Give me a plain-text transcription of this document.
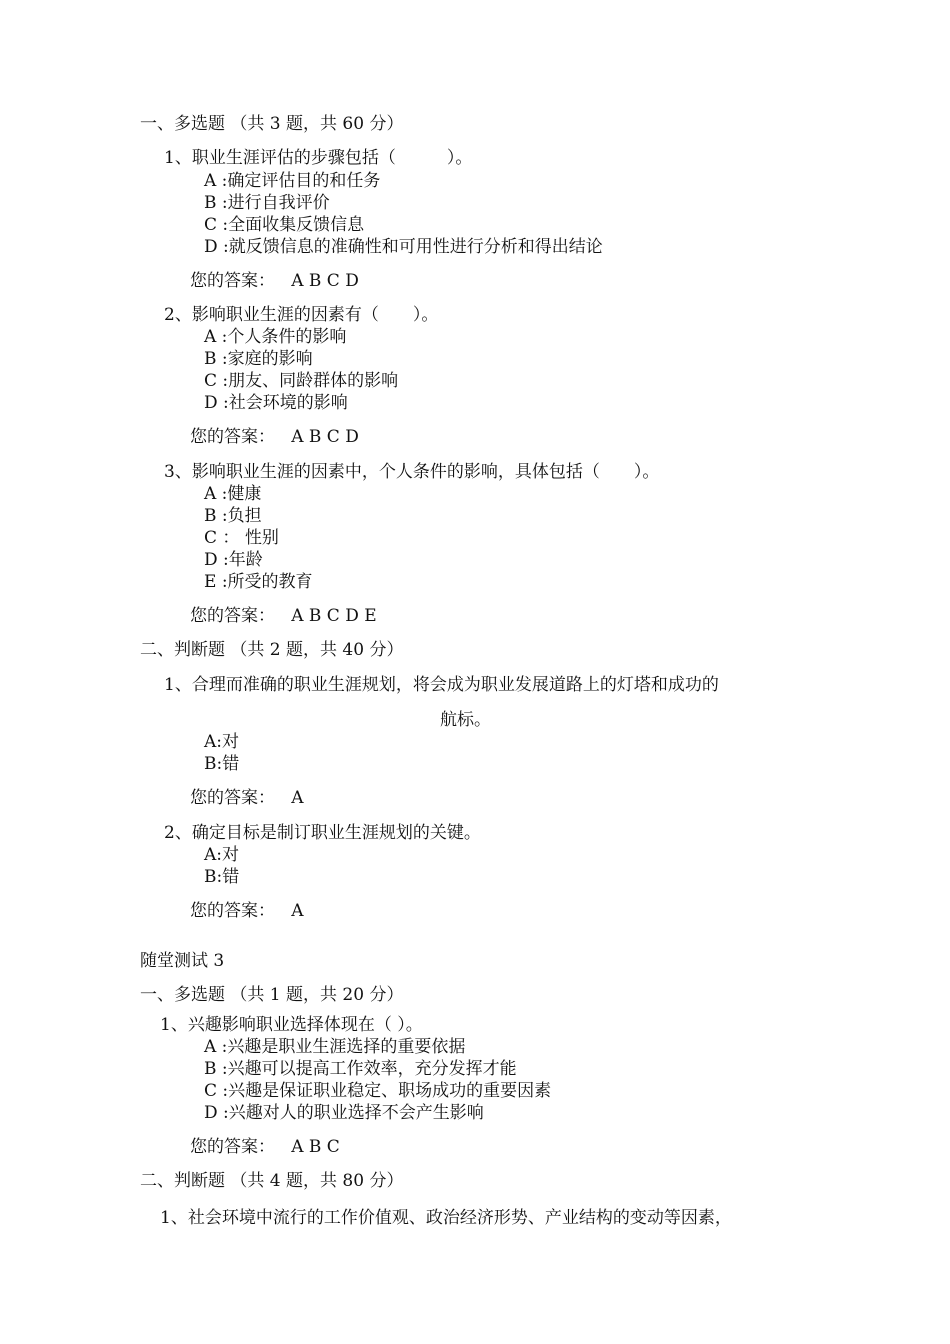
一、多选题 （共 3 题，共 60 分）
1、职业生涯评估的步骤包括（　　　）。
A :确定评估目的和任务
B :进行自我评价
C :全面收集反馈信息
D :就反馈信息的准确性和可用性进行分析和得出结论
您的答案： A B C D
2、影响职业生涯的因素有（　　）。
A :个人条件的影响
B :家庭的影响
C :朋友、同龄群体的影响
D :社会环境的影响
您的答案： A B C D
3、影响职业生涯的因素中，个人条件的影响，具体包括（　　）。
A :健康
B :负担
C ： 性别
D :年龄
E :所受的教育
您的答案： A B C D E
二、判断题 （共 2 题，共 40 分）
1、合理而准确的职业生涯规划，将会成为职业发展道路上的灯塔和成功的
航标。
A:对
B:错
您的答案： A
2、确定目标是制订职业生涯规划的关键。
A:对
B:错
您的答案： A
随堂测试 3
一、多选题 （共 1 题，共 20 分）
1、兴趣影响职业选择体现在（ ）。
A :兴趣是职业生涯选择的重要依据
B :兴趣可以提高工作效率，充分发挥才能
C :兴趣是保证职业稳定、职场成功的重要因素
D :兴趣对人的职业选择不会产生影响
您的答案： A B C
二、判断题 （共 4 题，共 80 分）
1、社会环境中流行的工作价值观、政治经济形势、产业结构的变动等因素，
